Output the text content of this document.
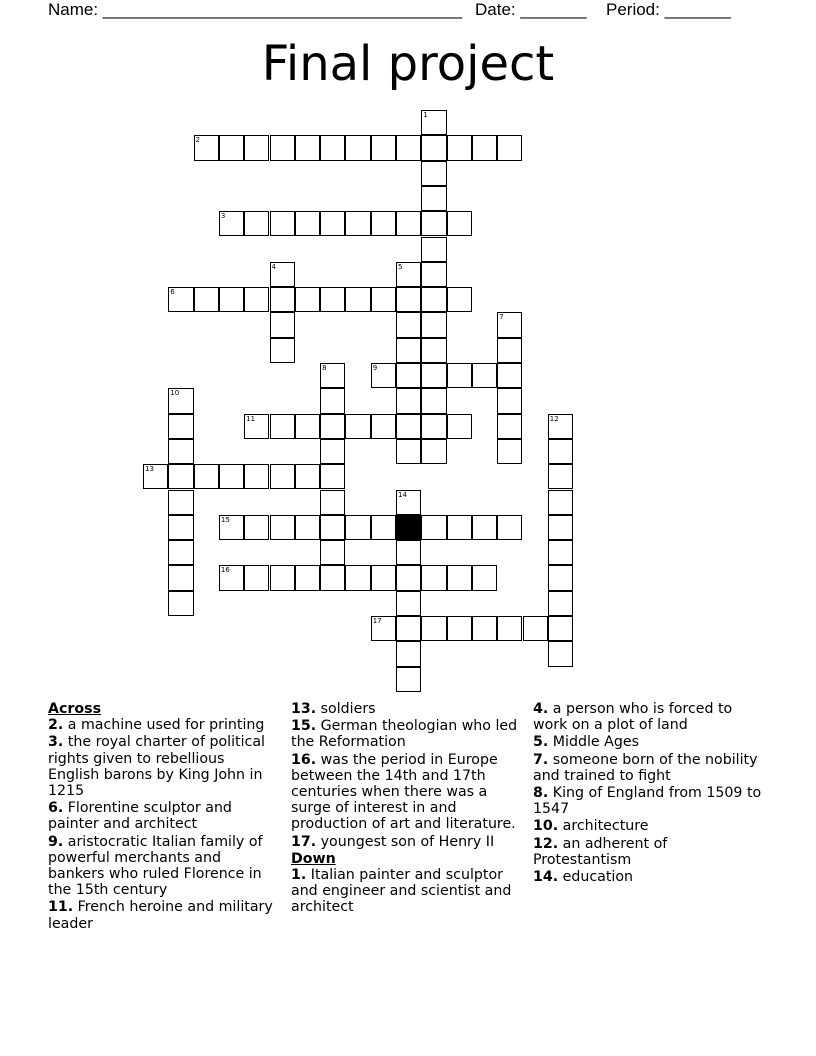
Name: ______________________________________ Date: _______ Period: _______
Final project
1
2
3
4	5
6
7
8	9
10
11	12
13
14
15
16
17
Across
2. a machine used for printing
3. the royal charter of political rights given to rebellious English barons by King John in 1215
6. Florentine sculptor and painter and architect
9. aristocratic Italian family of powerful merchants and bankers who ruled Florence in the 15th century
11. French heroine and military leader
13. soldiers
15. German theologian who led the Reformation
16. was the period in Europe between the 14th and 17th centuries when there was a surge of interest in and production of art and literature.
17. youngest son of Henry II
Down
1. Italian painter and sculptor and engineer and scientist and architect
4. a person who is forced to work on a plot of land
5. Middle Ages
7. someone born of the nobility and trained to fight
8. King of England from 1509 to 1547
10. architecture
12. an adherent of Protestantism
14. education
